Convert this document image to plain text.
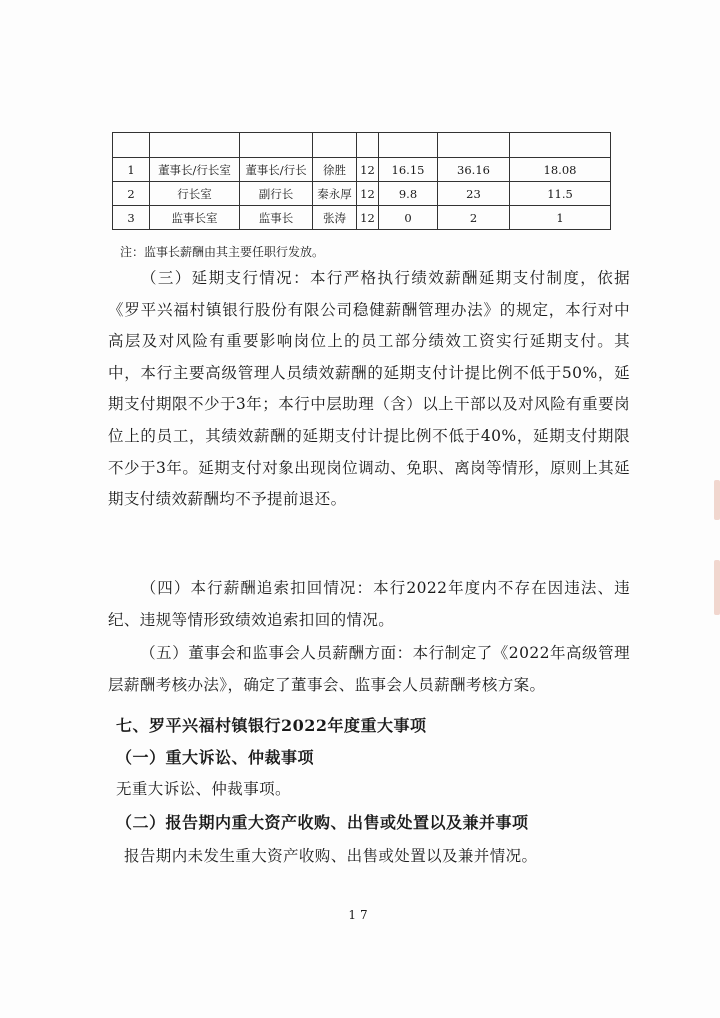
1	董事长/行长室	董事长/行长	徐胜	12	16.15	36.16	18.08
2	行长室	副行长	秦永厚	12	9.8	23	11.5
3	监事长室	监事长	张涛	12	0	2	1
注：监事长薪酬由其主要任职行发放。
（三）延期支行情况：本行严格执行绩效薪酬延期支付制度，依据《罗平兴福村镇银行股份有限公司稳健薪酬管理办法》的规定，本行对中高层及对风险有重要影响岗位上的员工部分绩效工资实行延期支付。其中，本行主要高级管理人员绩效薪酬的延期支付计提比例不低于50%，延期支付期限不少于3年；本行中层助理（含）以上干部以及对风险有重要岗位上的员工，其绩效薪酬的延期支付计提比例不低于40%，延期支付期限不少于3年。延期支付对象出现岗位调动、免职、离岗等情形，原则上其延期支付绩效薪酬均不予提前退还。
（四）本行薪酬追索扣回情况：本行2022年度内不存在因违法、违纪、违规等情形致绩效追索扣回的情况。
（五）董事会和监事会人员薪酬方面：本行制定了《2022年高级管理层薪酬考核办法》，确定了董事会、监事会人员薪酬考核方案。
七、罗平兴福村镇银行2022年度重大事项
（一）重大诉讼、仲裁事项
无重大诉讼、仲裁事项。
（二）报告期内重大资产收购、出售或处置以及兼并事项
报告期内未发生重大资产收购、出售或处置以及兼并情况。
17
